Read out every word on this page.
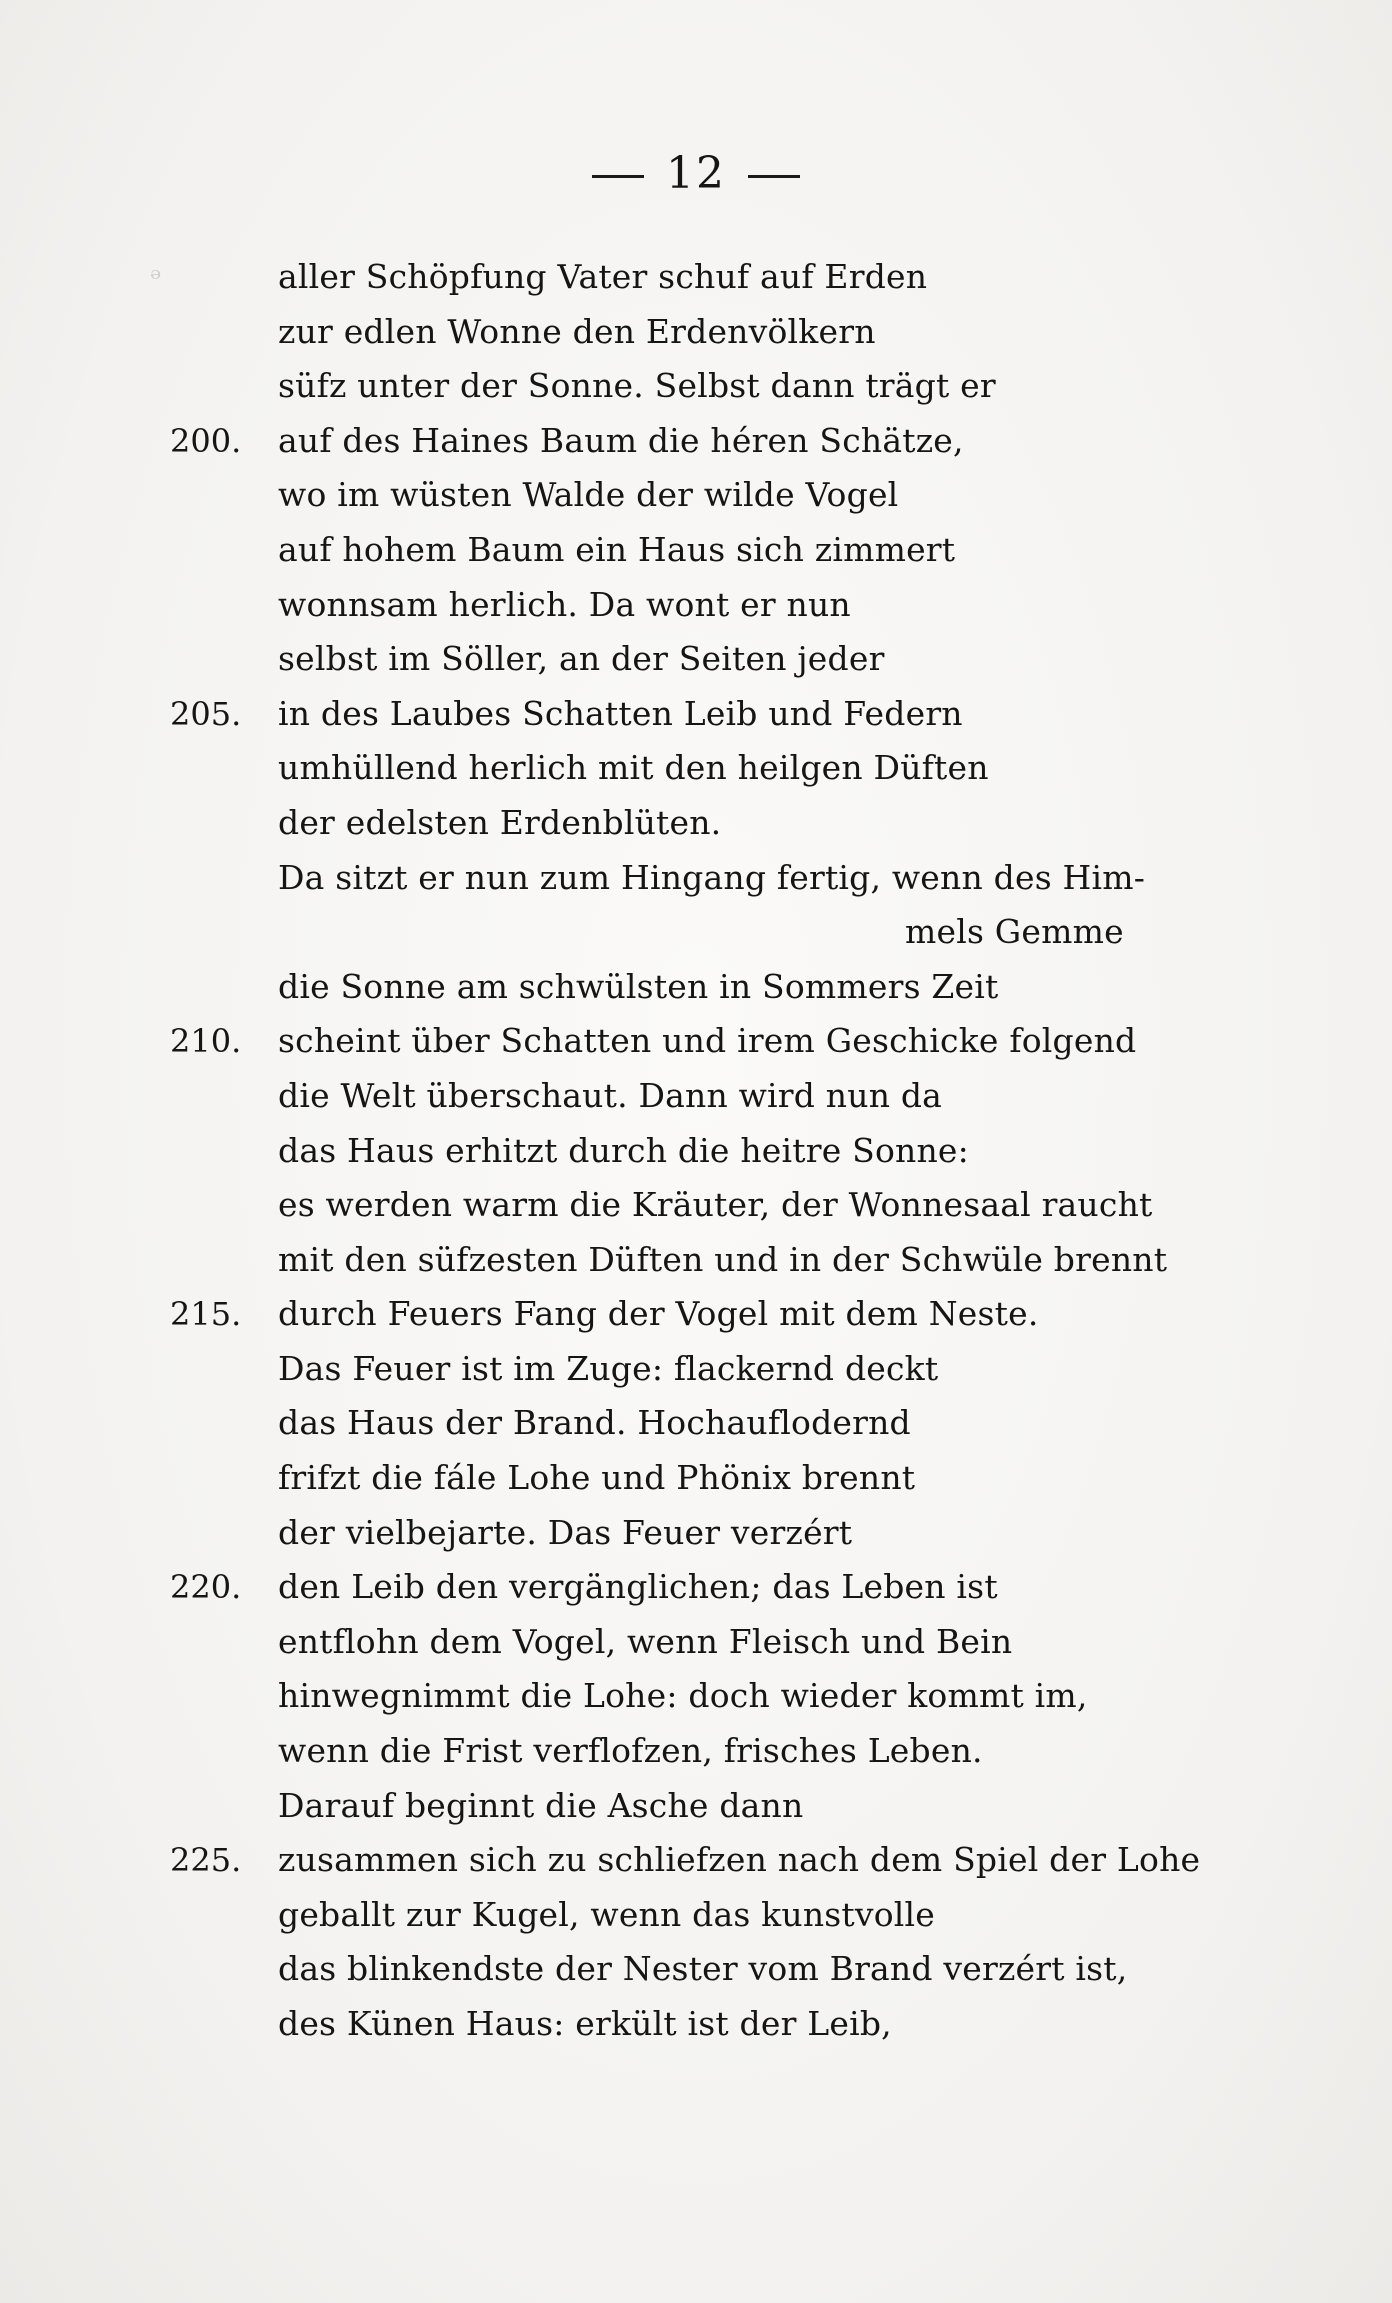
ᵊ
12
aller Schöpfung Vater schuf auf Erden
zur edlen Wonne den Erdenvölkern
süfz unter der Sonne. Selbst dann trägt er
200.	auf des Haines Baum die héren Schätze,
wo im wüsten Walde der wilde Vogel
auf hohem Baum ein Haus sich zimmert
wonnsam herlich. Da wont er nun
selbst im Söller, an der Seiten jeder
205.	in des Laubes Schatten Leib und Federn
umhüllend herlich mit den heilgen Düften
der edelsten Erdenblüten.
Da sitzt er nun zum Hingang fertig, wenn des Him-
mels Gemme
die Sonne am schwülsten in Sommers Zeit
210.	scheint über Schatten und irem Geschicke folgend
die Welt überschaut. Dann wird nun da
das Haus erhitzt durch die heitre Sonne:
es werden warm die Kräuter, der Wonnesaal raucht
mit den süfzesten Düften und in der Schwüle brennt
215.	durch Feuers Fang der Vogel mit dem Neste.
Das Feuer ist im Zuge: flackernd deckt
das Haus der Brand. Hochauflodernd
frifzt die fále Lohe und Phönix brennt
der vielbejarte. Das Feuer verzért
220.	den Leib den vergänglichen; das Leben ist
entflohn dem Vogel, wenn Fleisch und Bein
hinwegnimmt die Lohe: doch wieder kommt im,
wenn die Frist verflofzen, frisches Leben.
Darauf beginnt die Asche dann
225.	zusammen sich zu schliefzen nach dem Spiel der Lohe
geballt zur Kugel, wenn das kunstvolle
das blinkendste der Nester vom Brand verzért ist,
des Künen Haus: erkült ist der Leib,
